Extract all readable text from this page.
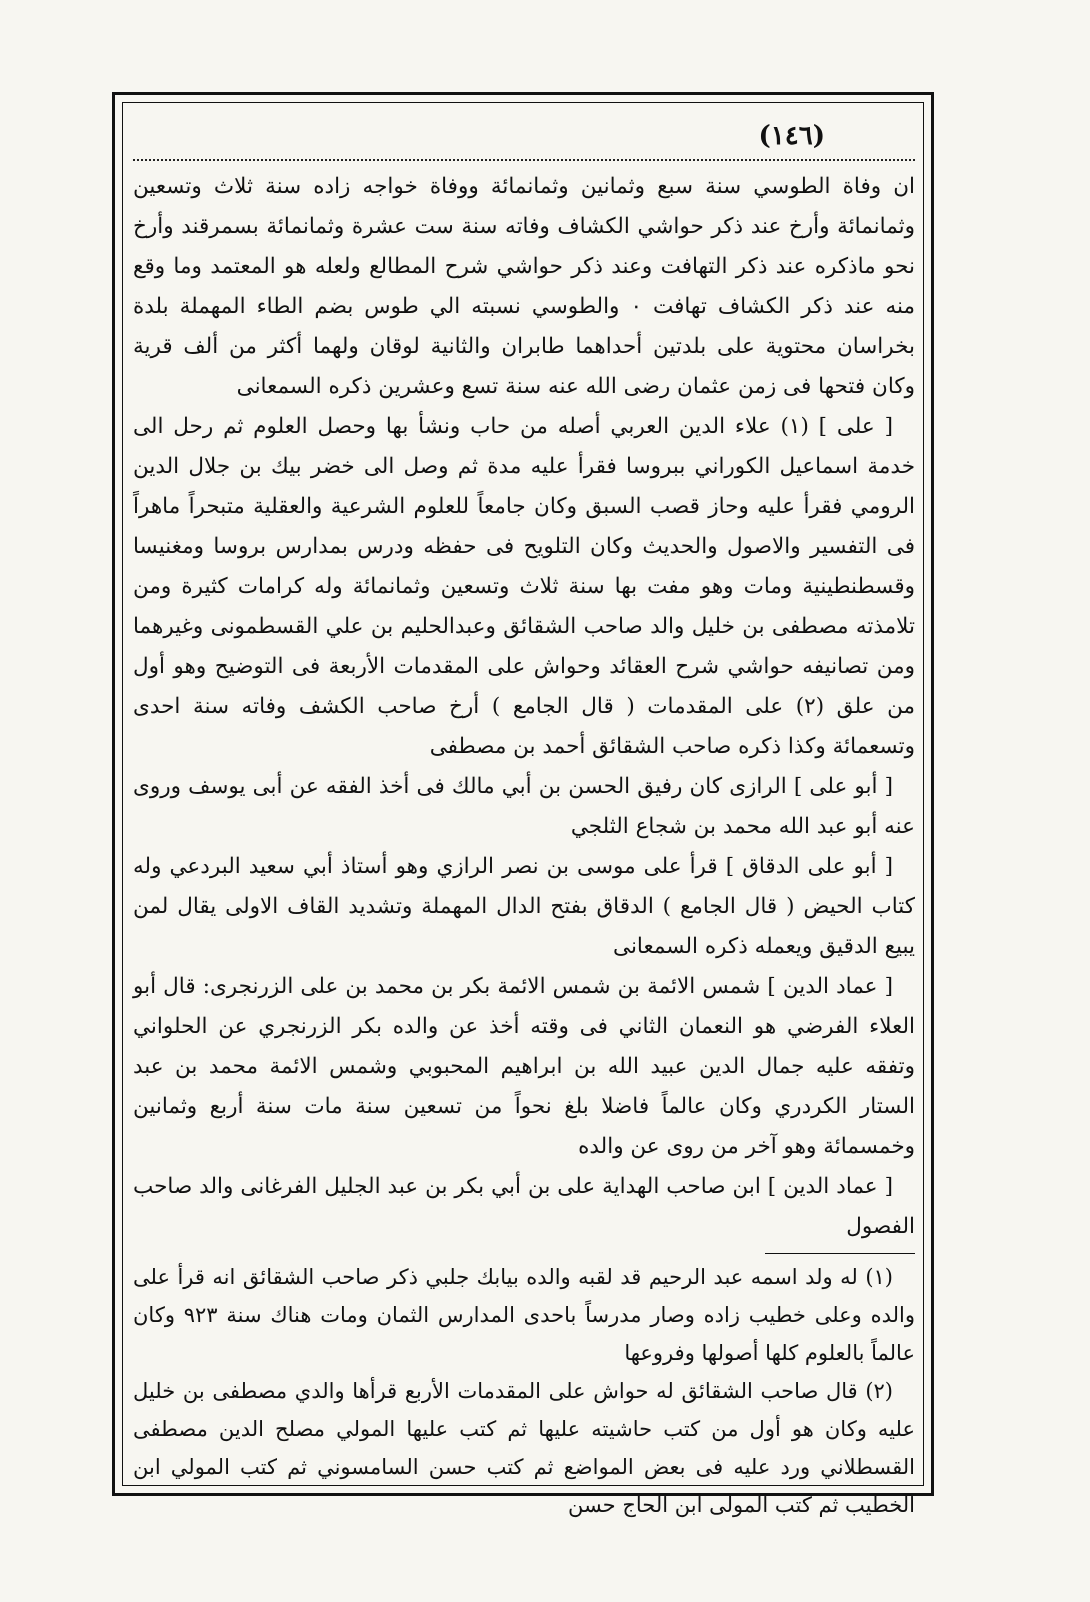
(١٤٦)

ان وفاة الطوسي سنة سبع وثمانين وثمانمائة ووفاة خواجه زاده سنة ثلاث وتسعين وثمانمائة وأرخ عند ذكر حواشي الكشاف وفاته سنة ست عشرة وثمانمائة بسمرقند وأرخ نحو ماذكره عند ذكر التهافت وعند ذكر حواشي شرح المطالع ولعله هو المعتمد وما وقع منه عند ذكر الكشاف تهافت ٠ والطوسي نسبته الي طوس بضم الطاء المهملة بلدة بخراسان محتوية على بلدتين أحداهما طابران والثانية لوقان ولهما أكثر من ألف قرية وكان فتحها فى زمن عثمان رضى الله عنه سنة تسع وعشرين ذكره السمعانى

[ على ] (١) علاء الدين العربي أصله من حاب ونشأ بها وحصل العلوم ثم رحل الى خدمة اسماعيل الكوراني ببروسا فقرأ عليه مدة ثم وصل الى خضر بيك بن جلال الدين الرومي فقرأ عليه وحاز قصب السبق وكان جامعاً للعلوم الشرعية والعقلية متبحراً ماهراً فى التفسير والاصول والحديث وكان التلويح فى حفظه ودرس بمدارس بروسا ومغنيسا وقسطنطينية ومات وهو مفت بها سنة ثلاث وتسعين وثمانمائة وله كرامات كثيرة ومن تلامذته مصطفى بن خليل والد صاحب الشقائق وعبدالحليم بن علي القسطمونى وغيرهما ومن تصانيفه حواشي شرح العقائد وحواش على المقدمات الأربعة فى التوضيح وهو أول من علق (٢) على المقدمات ( قال الجامع ) أرخ صاحب الكشف وفاته سنة احدى وتسعمائة وكذا ذكره صاحب الشقائق أحمد بن مصطفى

[ أبو على ] الرازى كان رفيق الحسن بن أبي مالك فى أخذ الفقه عن أبى يوسف وروى عنه أبو عبد الله محمد بن شجاع الثلجي

[ أبو على الدقاق ] قرأ على موسى بن نصر الرازي وهو أستاذ أبي سعيد البردعي وله كتاب الحيض ( قال الجامع ) الدقاق بفتح الدال المهملة وتشديد القاف الاولى يقال لمن يبيع الدقيق ويعمله ذكره السمعانى

[ عماد الدين ] شمس الائمة بن شمس الائمة بكر بن محمد بن على الزرنجرى: قال أبو العلاء الفرضي هو النعمان الثاني فى وقته أخذ عن والده بكر الزرنجري عن الحلواني وتفقه عليه جمال الدين عبيد الله بن ابراهيم المحبوبي وشمس الائمة محمد بن عبد الستار الكردري وكان عالماً فاضلا بلغ نحواً من تسعين سنة مات سنة أربع وثمانين وخمسمائة وهو آخر من روى عن والده

[ عماد الدين ] ابن صاحب الهداية على بن أبي بكر بن عبد الجليل الفرغانى والد صاحب الفصول

(١) له ولد اسمه عبد الرحيم قد لقبه والده بيابك جلبي ذكر صاحب الشقائق انه قرأ على والده وعلى خطيب زاده وصار مدرساً باحدى المدارس الثمان ومات هناك سنة ٩٢٣ وكان عالماً بالعلوم كلها أصولها وفروعها

(٢) قال صاحب الشقائق له حواش على المقدمات الأربع قرأها والدي مصطفى بن خليل عليه وكان هو أول من كتب حاشيته عليها ثم كتب عليها المولي مصلح الدين مصطفى القسطلاني ورد عليه فى بعض المواضع ثم كتب حسن السامسوني ثم كتب المولي ابن الخطيب ثم كتب المولى ابن الحاج حسن
